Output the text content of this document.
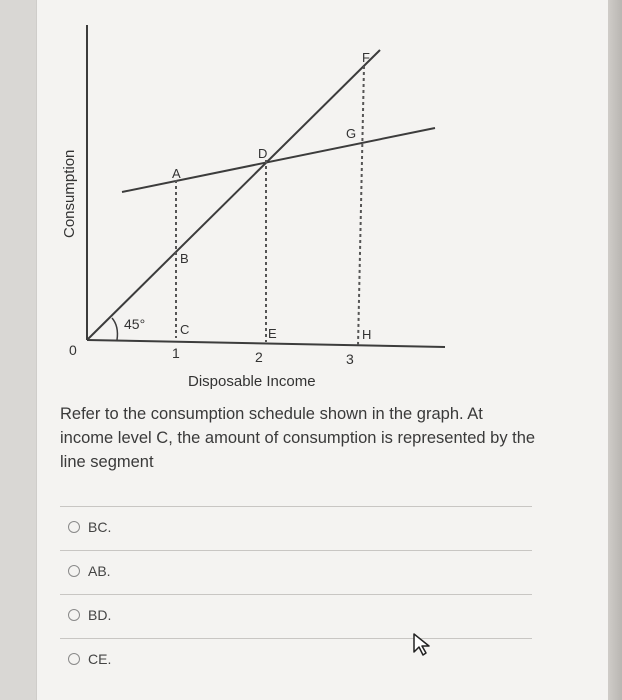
45°
A
B
C
D
E
F
G
H
0	1	2	3
Disposable Income
Consumption

Refer to the consumption schedule shown in the graph. At income level C, the amount of consumption is represented by the line segment

BC.
AB.
BD.
CE.
